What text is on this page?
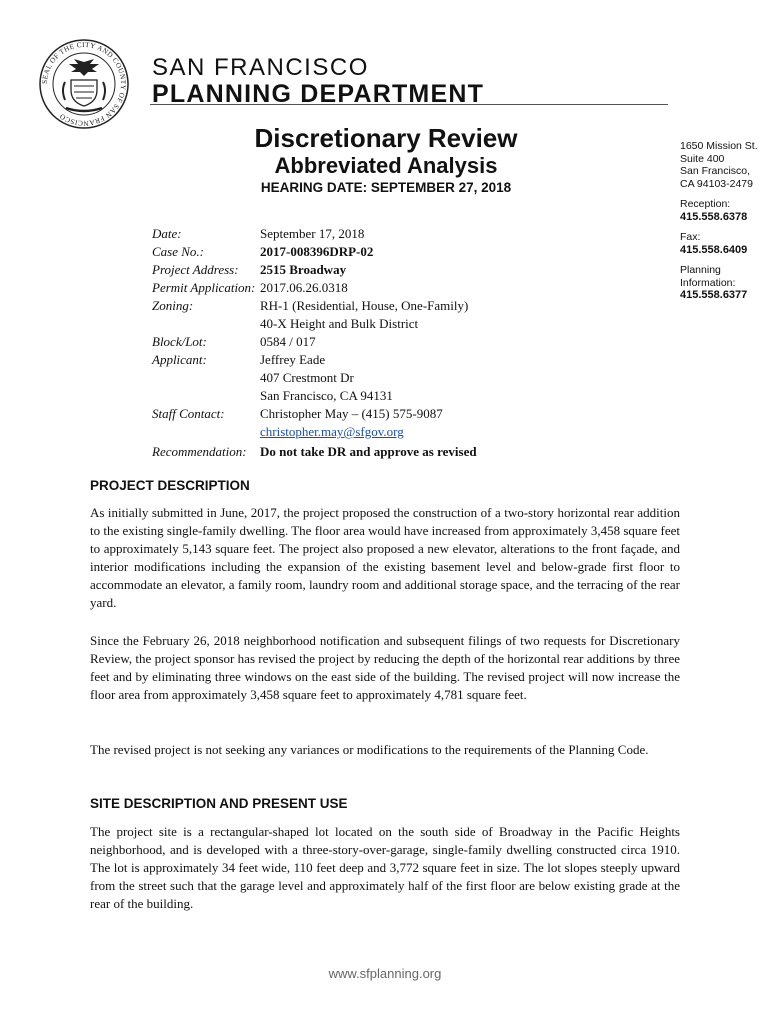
SEAL OF THE CITY AND COUNTY OF SAN FRANCISCO
SAN FRANCISCO
PLANNING DEPARTMENT
Discretionary Review
Abbreviated Analysis
HEARING DATE: SEPTEMBER 27, 2018
1650 Mission St.
Suite 400
San Francisco,
CA 94103-2479
Reception:
415.558.6378
Fax:
415.558.6409
Planning
Information:
415.558.6377
Date:	September 17, 2018
Case No.:	2017-008396DRP-02
Project Address:	2515 Broadway
Permit Application: 2017.06.26.0318
Zoning:	RH-1 (Residential, House, One-Family)
40-X Height and Bulk District
Block/Lot:	0584 / 017
Applicant:	Jeffrey Eade
407 Crestmont Dr
San Francisco, CA 94131
Staff Contact:	Christopher May – (415) 575-9087
christopher.may@sfgov.org
Recommendation:	Do not take DR and approve as revised
PROJECT DESCRIPTION

As initially submitted in June, 2017, the project proposed the construction of a two-story horizontal rear addition to the existing single-family dwelling. The floor area would have increased from approximately 3,458 square feet to approximately 5,143 square feet. The project also proposed a new elevator, alterations to the front façade, and interior modifications including the expansion of the existing basement level and below-grade first floor to accommodate an elevator, a family room, laundry room and additional storage space, and the terracing of the rear yard.

Since the February 26, 2018 neighborhood notification and subsequent filings of two requests for Discretionary Review, the project sponsor has revised the project by reducing the depth of the horizontal rear additions by three feet and by eliminating three windows on the east side of the building. The revised project will now increase the floor area from approximately 3,458 square feet to approximately 4,781 square feet.

The revised project is not seeking any variances or modifications to the requirements of the Planning Code.

SITE DESCRIPTION AND PRESENT USE

The project site is a rectangular-shaped lot located on the south side of Broadway in the Pacific Heights neighborhood, and is developed with a three-story-over-garage, single-family dwelling constructed circa 1910. The lot is approximately 34 feet wide, 110 feet deep and 3,772 square feet in size. The lot slopes steeply upward from the street such that the garage level and approximately half of the first floor are below existing grade at the rear of the building.

www.sfplanning.org
